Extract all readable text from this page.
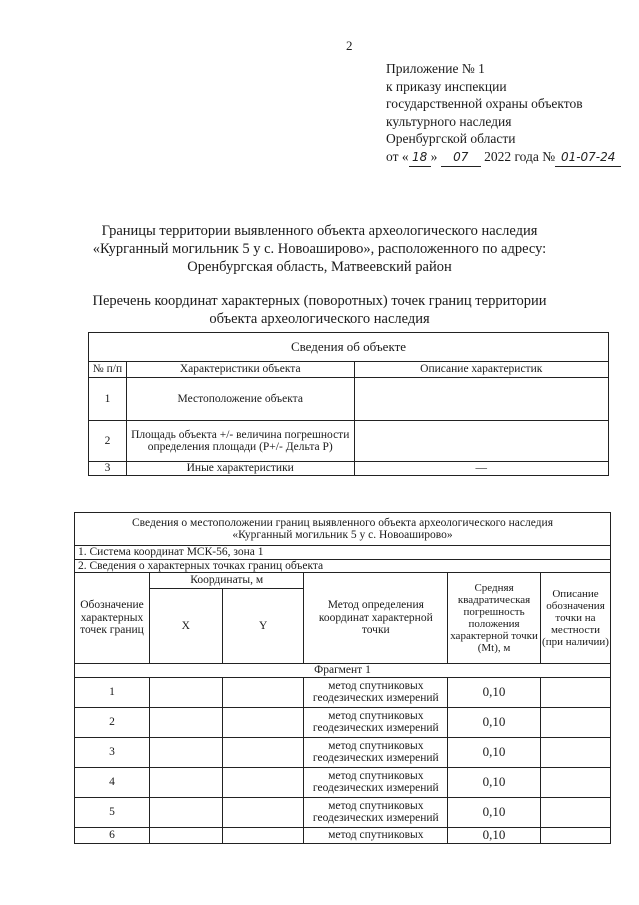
2
Приложение № 1
к приказу инспекции
государственной охраны объектов
культурного наследия
Оренбургской области
от « 18 » 07 2022 года № 01-07-24
Границы территории выявленного объекта археологического наследия
«Курганный могильник 5 у с. Новоаширово», расположенного по адресу:
Оренбургская область, Матвеевский район
Перечень координат характерных (поворотных) точек границ территории
объекта археологического наследия
Сведения об объекте		
№ п/п	Характеристики объекта	Описание характеристик
1	Местоположение объекта	
2	Площадь объекта +/- величина погрешности определения площади (Р+/- Дельта Р)	
3	Иные характеристики	—
Сведения о местоположении границ выявленного объекта археологического наследия
«Курганный могильник 5 у с. Новоаширово»					

1. Система координат МСК-56, зона 1					
2. Сведения о характерных точках границ объекта					
Обозначение характерных точек границ	Координаты, м		Метод определения координат характерной точки	Средняя квадратическая погрешность положения характерной точки (Mt), м	Описание обозначения точки на местности (при наличии)
	X	Y			
Фрагмент 1					
1			метод спутниковых геодезических измерений	0,10	
2			метод спутниковых геодезических измерений	0,10	
3			метод спутниковых геодезических измерений	0,10	
4			метод спутниковых геодезических измерений	0,10	
5			метод спутниковых геодезических измерений	0,10	
6			метод спутниковых	0,10	
